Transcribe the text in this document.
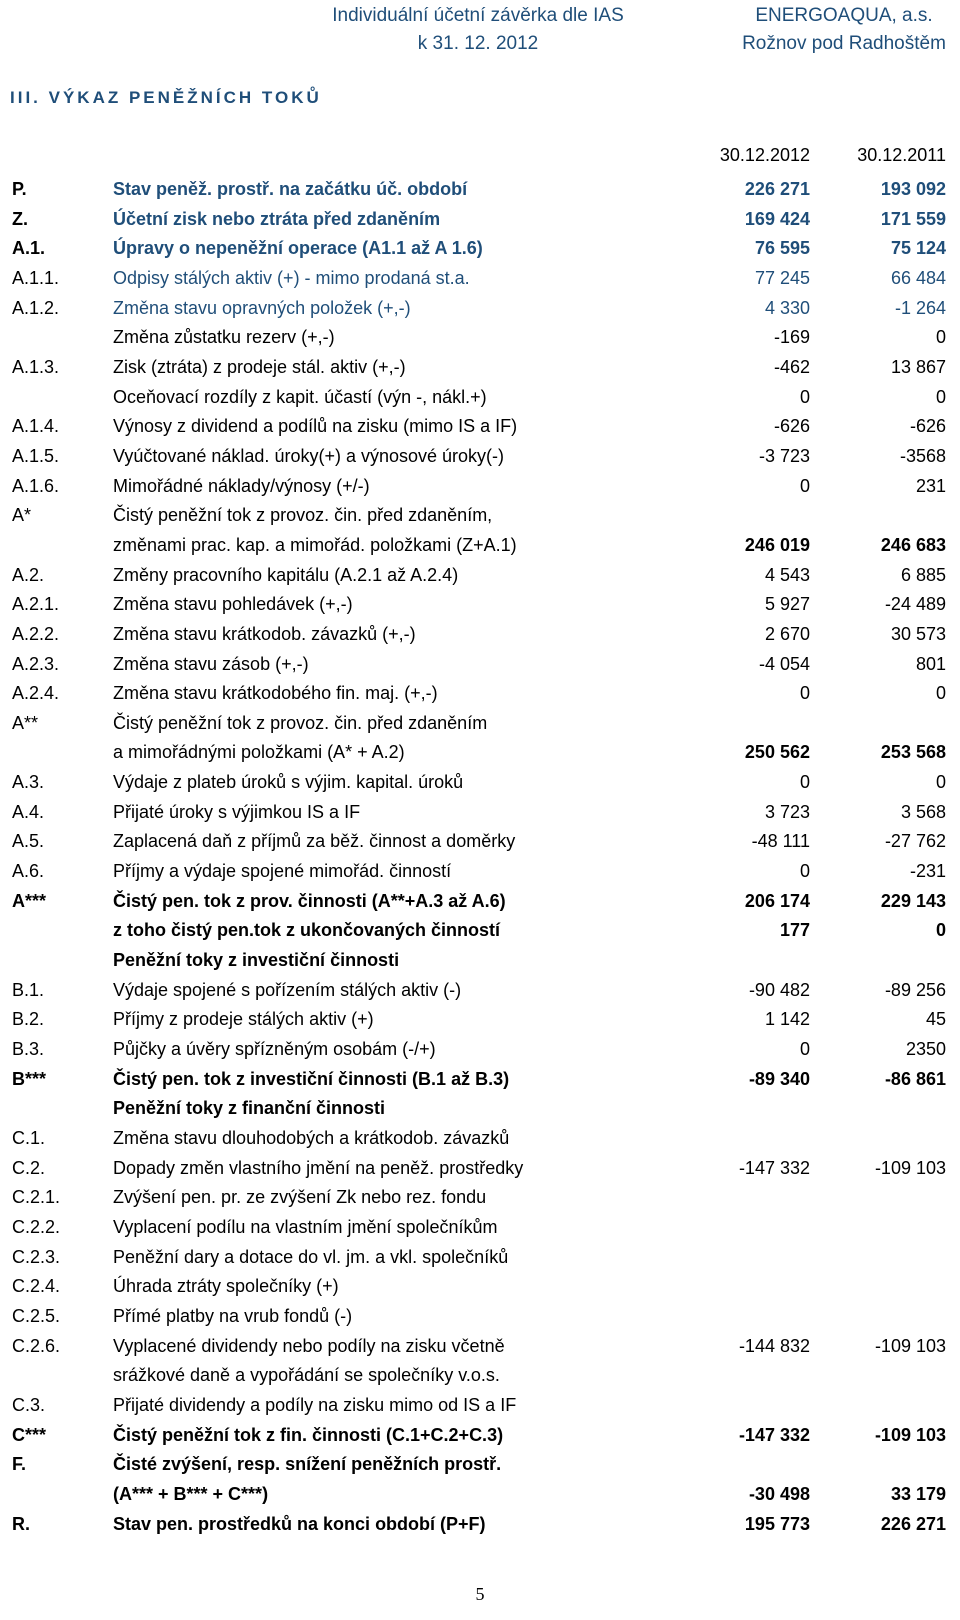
Individuální účetní závěrka dle IAS
k 31. 12. 2012
ENERGOAQUA, a.s.
Rožnov pod Radhoštěm
III. VÝKAZ PENĚŽNÍCH TOKŮ
30.12.2012	30.12.2011
P.	Stav peněž. prostř. na začátku úč. období	226 271	193 092
Z.	Účetní zisk nebo ztráta před zdaněním	169 424	171 559
A.1.	Úpravy o nepeněžní operace (A1.1 až A 1.6)	76 595	75 124
A.1.1.	Odpisy stálých aktiv (+) - mimo prodaná st.a.	77 245	66 484
A.1.2.	Změna stavu opravných položek (+,-)	4 330	-1 264
Změna zůstatku rezerv (+,-)	-169	0
A.1.3.	Zisk (ztráta) z prodeje stál. aktiv (+,-)	-462	13 867
Oceňovací rozdíly z kapit. účastí (výn -, nákl.+)	0	0
A.1.4.	Výnosy z dividend a podílů na zisku (mimo IS a IF)	-626	-626
A.1.5.	Vyúčtované náklad. úroky(+) a výnosové úroky(-)	-3 723	-3568
A.1.6.	Mimořádné náklady/výnosy (+/-)	0	231
A*	Čistý peněžní tok z provoz. čin. před zdaněním,
změnami prac. kap. a mimořád. položkami (Z+A.1)	246 019	246 683
A.2.	Změny pracovního kapitálu (A.2.1 až A.2.4)	4 543	6 885
A.2.1.	Změna stavu pohledávek (+,-)	5 927	-24 489
A.2.2.	Změna stavu krátkodob. závazků (+,-)	2 670	30 573
A.2.3.	Změna stavu zásob (+,-)	-4 054	801
A.2.4.	Změna stavu krátkodobého fin. maj. (+,-)	0	0
A**	Čistý peněžní tok z provoz. čin. před zdaněním
a mimořádnými položkami (A* + A.2)	250 562	253 568
A.3.	Výdaje z plateb úroků s výjim. kapital. úroků	0	0
A.4.	Přijaté úroky s výjimkou IS a IF	3 723	3 568
A.5.	Zaplacená daň z příjmů za běž. činnost a doměrky	-48 111	-27 762
A.6.	Příjmy a výdaje spojené mimořád. činností	0	-231
A***	Čistý pen. tok z prov. činnosti (A**+A.3 až A.6)	206 174	229 143
z toho čistý pen.tok z ukončovaných činností	177	0
Peněžní toky z investiční činnosti
B.1.	Výdaje spojené s pořízením stálých aktiv (-)	-90 482	-89 256
B.2.	Příjmy z prodeje stálých aktiv (+)	1 142	45
B.3.	Půjčky a úvěry spřízněným osobám (-/+)	0	2350
B***	Čistý pen. tok z investiční činnosti (B.1 až B.3)	-89 340	-86 861
Peněžní toky z finanční činnosti
C.1.	Změna stavu dlouhodobých a krátkodob. závazků
C.2.	Dopady změn vlastního jmění na peněž. prostředky	-147 332	-109 103
C.2.1.	Zvýšení pen. pr. ze zvýšení Zk nebo rez. fondu
C.2.2.	Vyplacení podílu na vlastním jmění společníkům
C.2.3.	Peněžní dary a dotace do vl. jm. a vkl. společníků
C.2.4.	Úhrada ztráty společníky (+)
C.2.5.	Přímé platby na vrub fondů (-)
C.2.6.	Vyplacené dividendy nebo podíly na zisku včetně	-144 832	-109 103
srážkové daně a vypořádání se společníky v.o.s.
C.3.	Přijaté dividendy a podíly na zisku mimo od IS a IF
C***	Čistý peněžní tok z fin. činnosti (C.1+C.2+C.3)	-147 332	-109 103
F.	Čisté zvýšení, resp. snížení peněžních prostř.
(A*** + B*** + C***)	-30 498	33 179
R.	Stav pen. prostředků na konci období (P+F)	195 773	226 271
5
